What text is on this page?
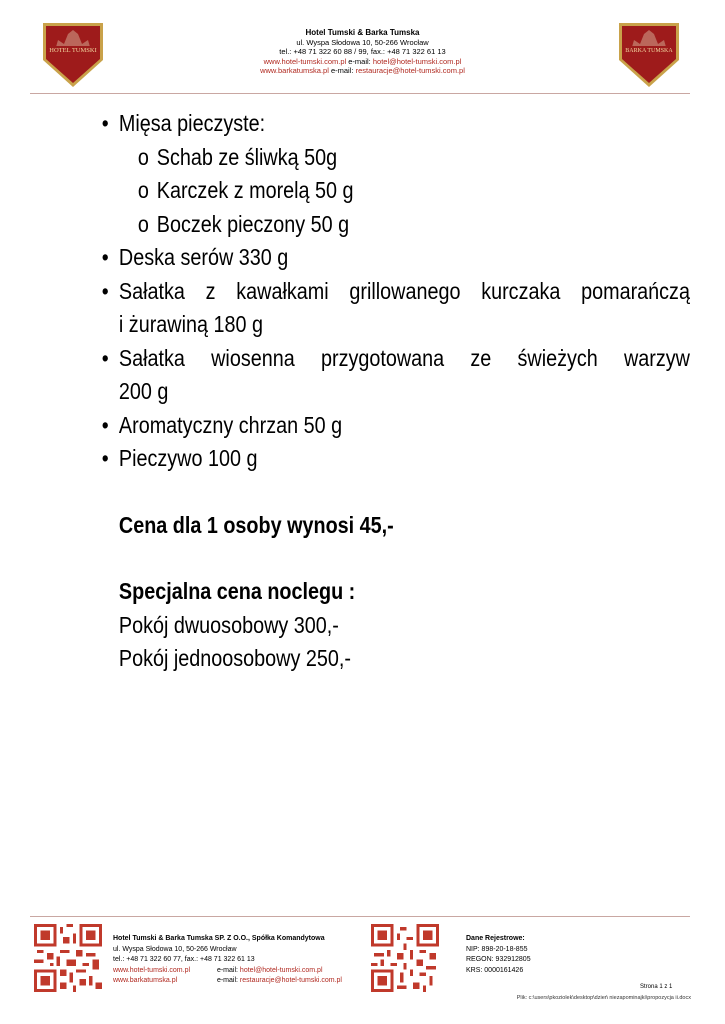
HOTEL TUMSKI	BARKA TUMSKA
Hotel Tumski & Barka Tumska
ul. Wyspa Słodowa 10, 50-266 Wrocław
tel.: +48 71 322 60 88 / 99, fax.: +48 71 322 61 13
www.hotel-tumski.com.pl e-mail: hotel@hotel-tumski.com.pl
www.barkatumska.pl e-mail: restauracje@hotel-tumski.com.pl
• Mięsa pieczyste:
o Schab ze śliwką 50g
o Karczek z morelą 50 g
o Boczek pieczony 50 g
• Deska serów 330 g
• Sałatka z kawałkami grillowanego kurczaka pomarańczą
i żurawiną 180 g
• Sałatka wiosenna przygotowana ze świeżych warzyw
200 g
• Aromatyczny chrzan 50 g
• Pieczywo 100 g
Cena dla 1 osoby wynosi 45,-
Specjalna cena noclegu :
Pokój dwuosobowy 300,-
Pokój jednoosobowy 250,-
Hotel Tumski & Barka Tumska SP. Z O.O., Spółka Komandytowa
ul. Wyspa Słodowa 10, 50-266 Wrocław
tel.: +48 71 322 60 77, fax.: +48 71 322 61 13
www.hotel-tumski.com.pl	e-mail: hotel@hotel-tumski.com.pl
www.barkatumska.pl	e-mail: restauracje@hotel-tumski.com.pl
Dane Rejestrowe:
NIP: 898-20-18-855
REGON: 932912805
KRS: 0000161426
Strona 1 z 1
Plik: c:\users\pkoziolek\desktop\dzień niezapominajki\propozycja ii.docx
